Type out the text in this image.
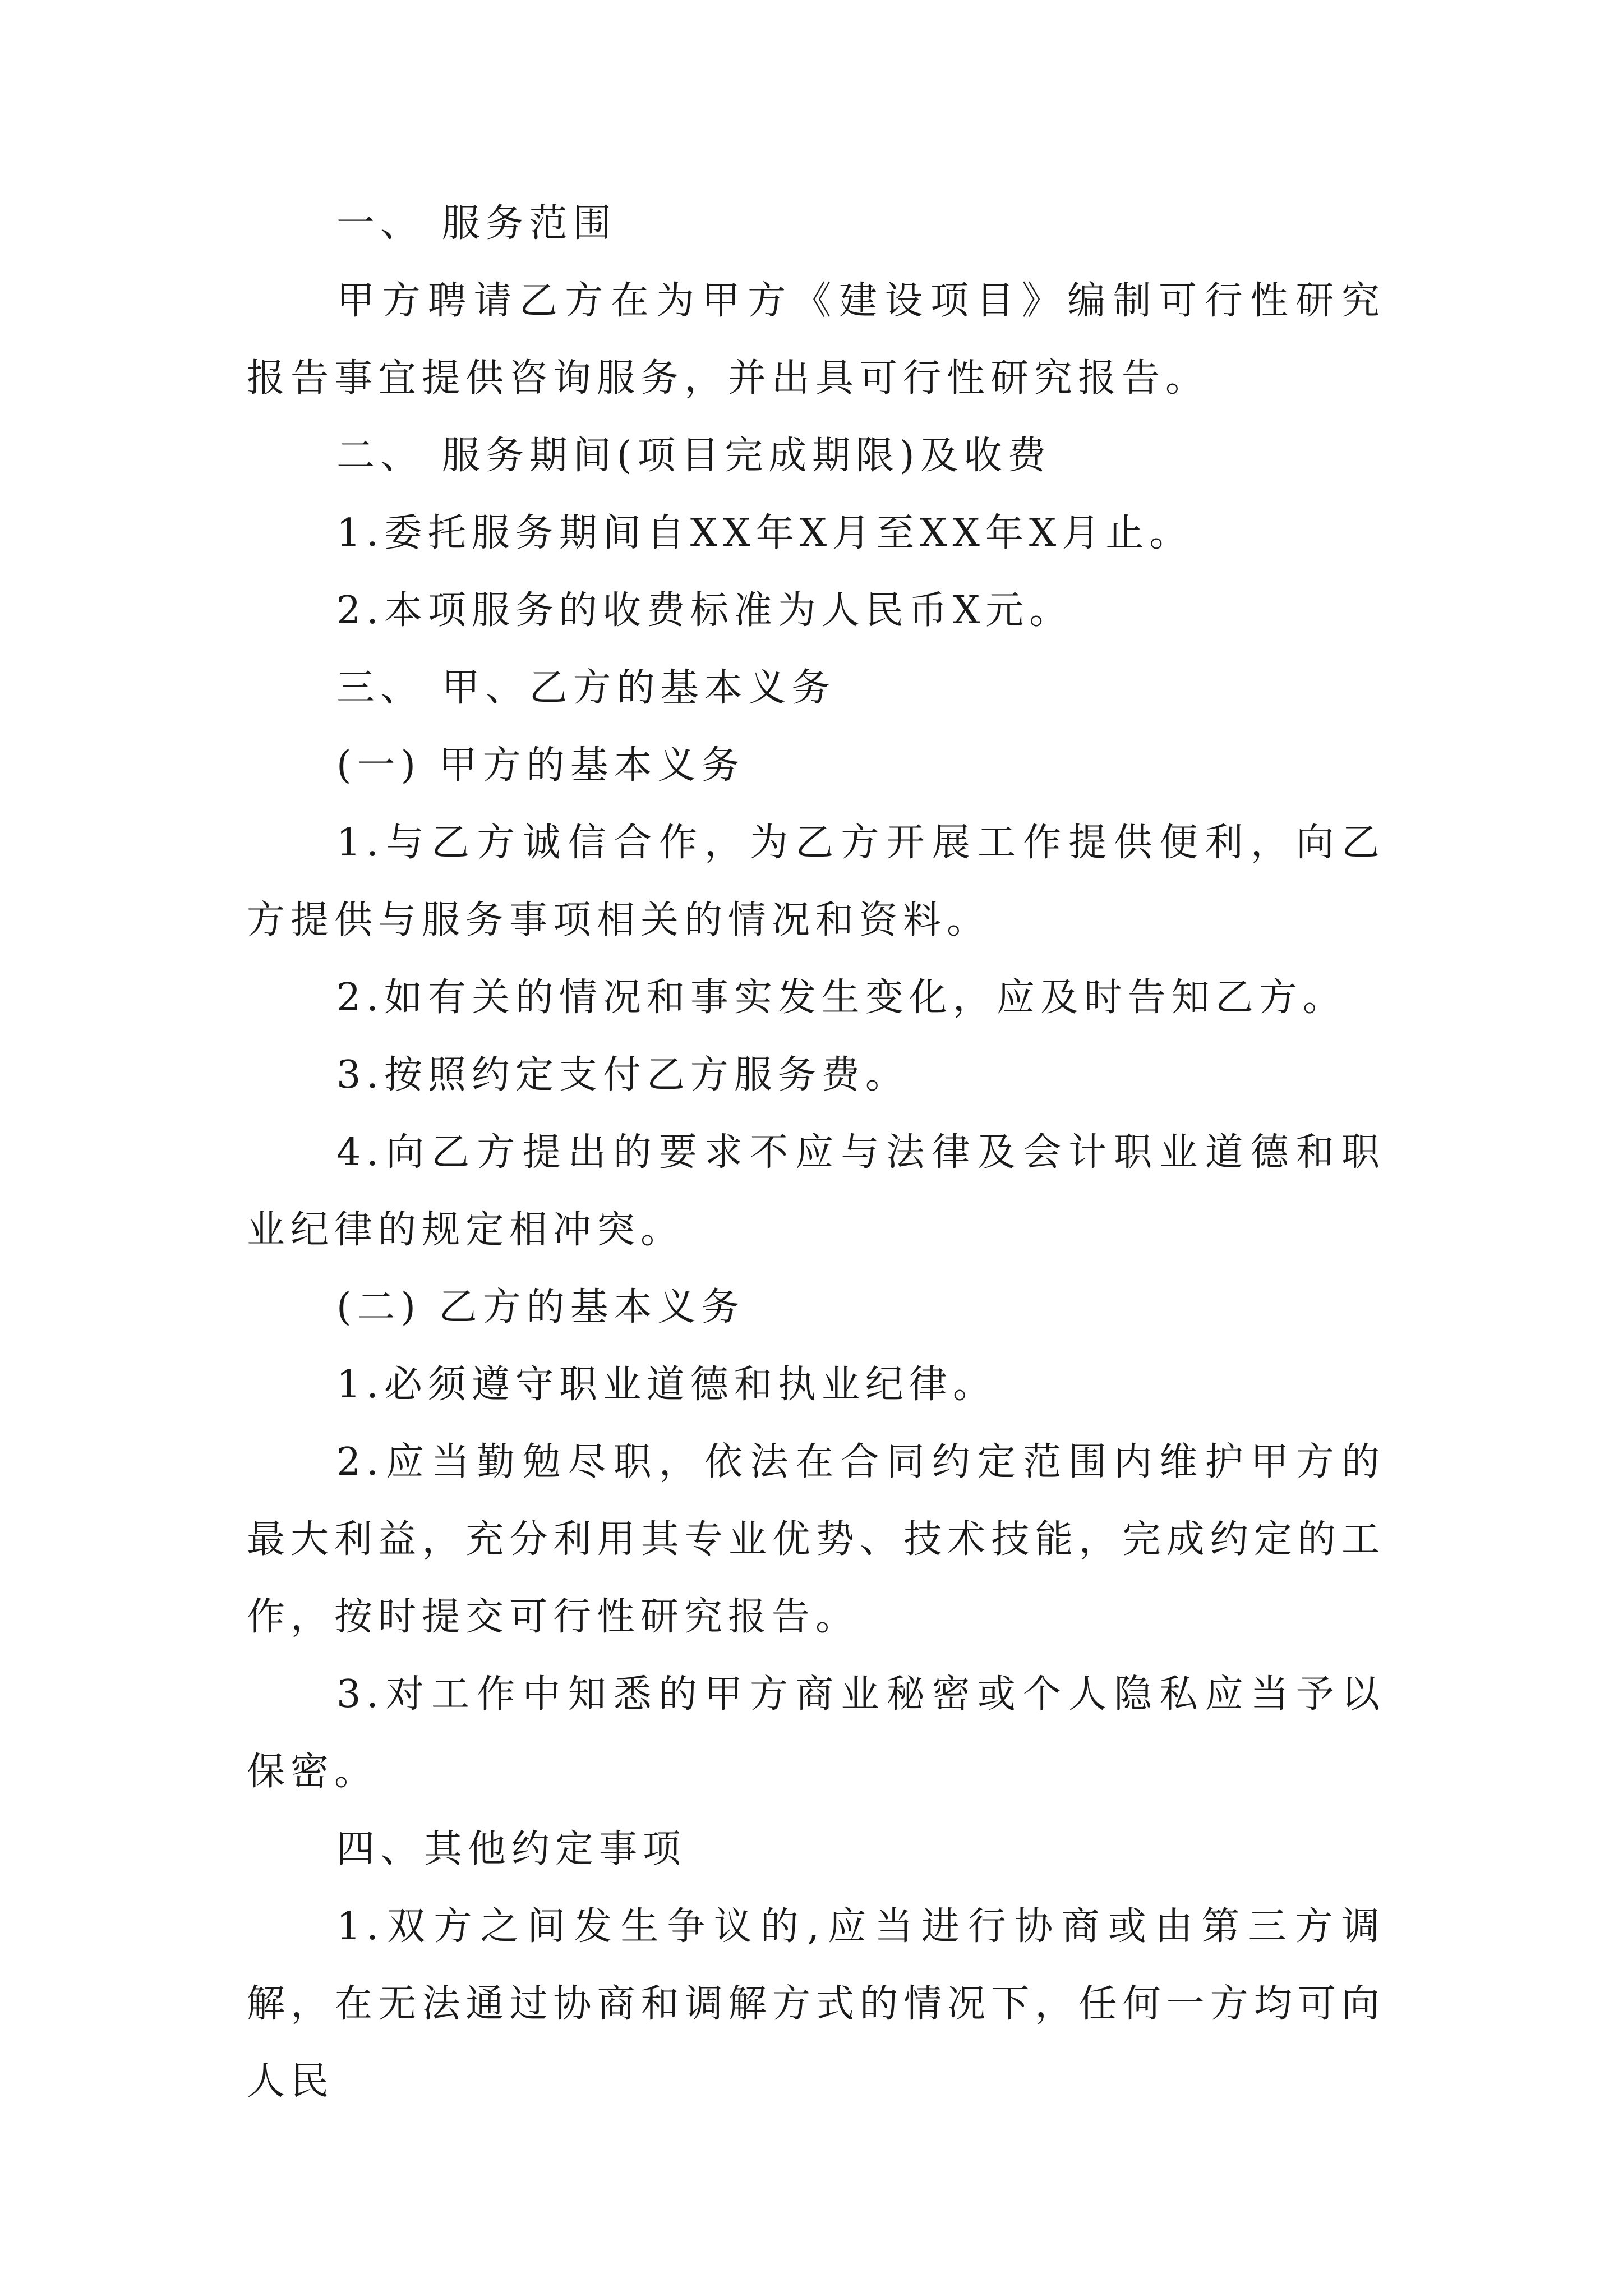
一、 服务范围

甲方聘请乙方在为甲方《建设项目》编制可行性研究报告事宜提供咨询服务，并出具可行性研究报告。

二、 服务期间(项目完成期限)及收费

1.委托服务期间自XX年X月至XX年X月止。

2.本项服务的收费标准为人民币X元。

三、 甲、乙方的基本义务

(一) 甲方的基本义务

1.与乙方诚信合作，为乙方开展工作提供便利，向乙方提供与服务事项相关的情况和资料。

2.如有关的情况和事实发生变化，应及时告知乙方。

3.按照约定支付乙方服务费。

4.向乙方提出的要求不应与法律及会计职业道德和职业纪律的规定相冲突。

(二) 乙方的基本义务

1.必须遵守职业道德和执业纪律。

2.应当勤勉尽职，依法在合同约定范围内维护甲方的最大利益，充分利用其专业优势、技术技能，完成约定的工作，按时提交可行性研究报告。

3.对工作中知悉的甲方商业秘密或个人隐私应当予以保密。

四、其他约定事项

1.双方之间发生争议的,应当进行协商或由第三方调解，在无法通过协商和调解方式的情况下，任何一方均可向人民
